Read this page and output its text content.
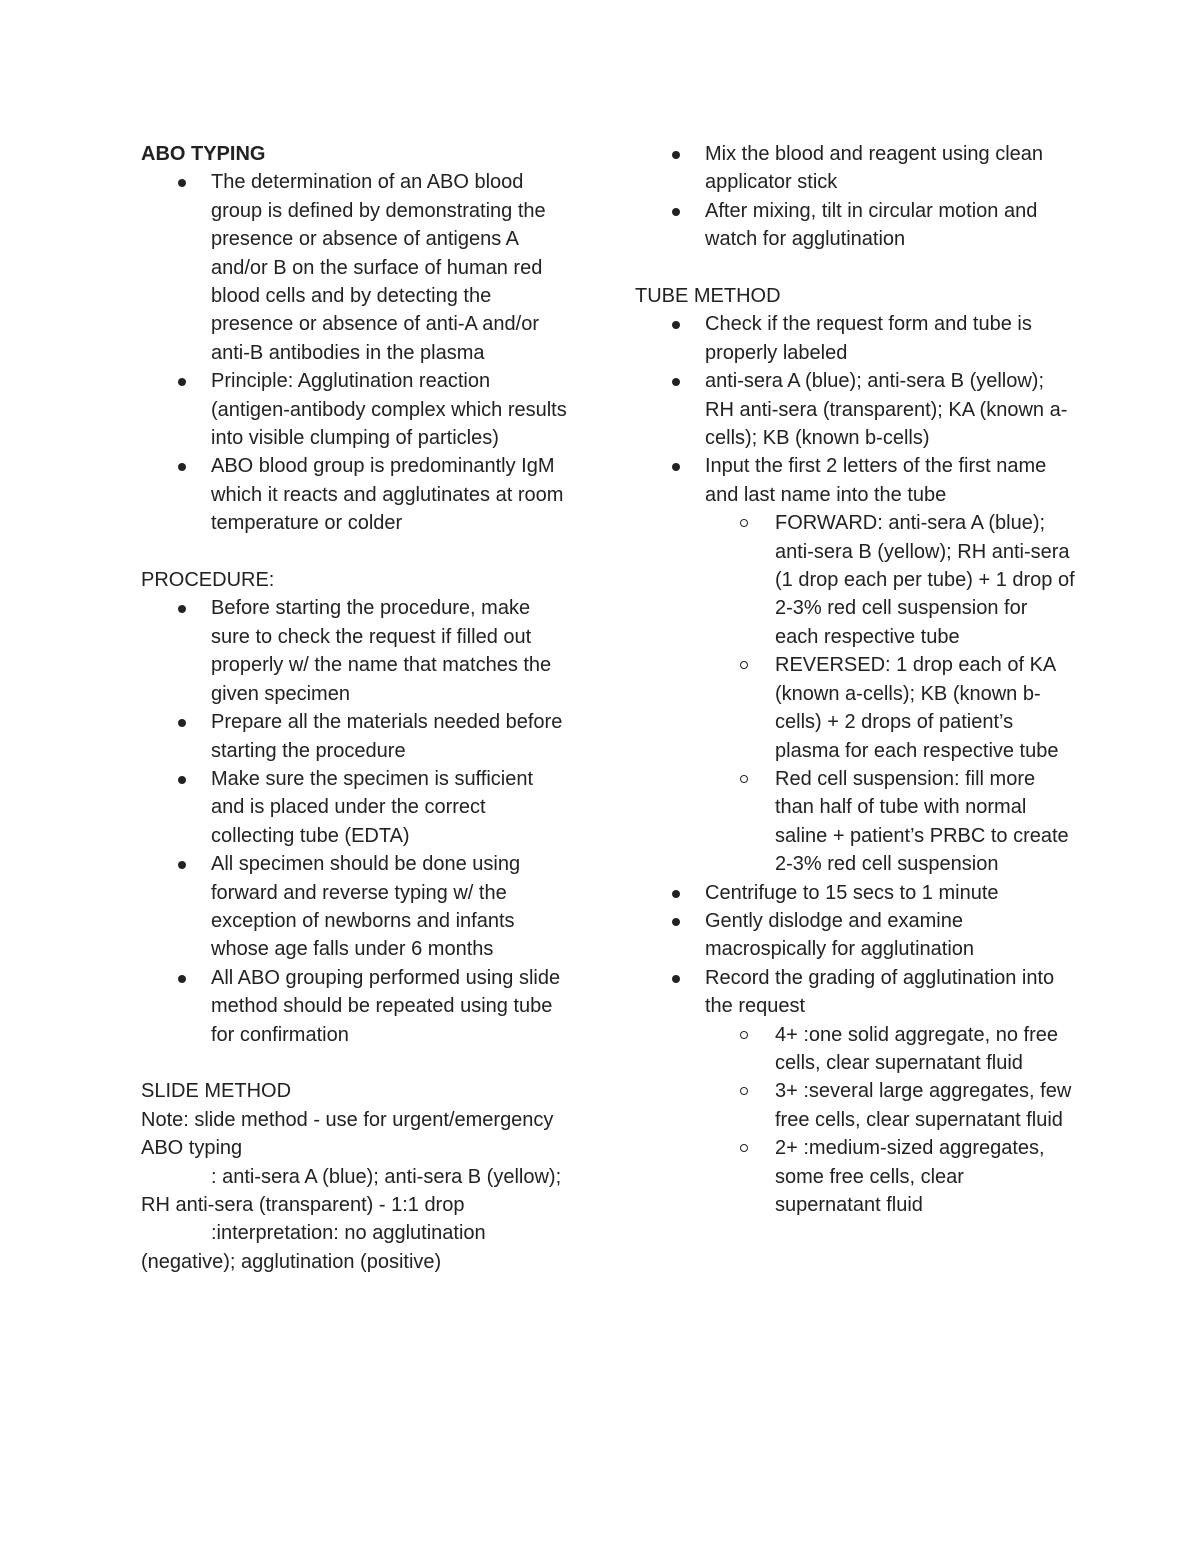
ABO TYPING
The determination of an ABO blood group is defined by demonstrating the presence or absence of antigens A and/or B on the surface of human red blood cells and by detecting the presence or absence of anti-A and/or anti-B antibodies in the plasma
Principle: Agglutination reaction (antigen-antibody complex which results into visible clumping of particles)
ABO blood group is predominantly IgM which it reacts and agglutinates at room temperature or colder
PROCEDURE:
Before starting the procedure, make sure to check the request if filled out properly w/ the name that matches the given specimen
Prepare all the materials needed before starting the procedure
Make sure the specimen is sufficient and is placed under the correct collecting tube (EDTA)
All specimen should be done using forward and reverse typing w/ the exception of newborns and infants whose age falls under 6 months
All ABO grouping performed using slide method should be repeated using tube for confirmation
SLIDE METHOD
Note: slide method - use for urgent/emergency ABO typing
: anti-sera A (blue); anti-sera B (yellow); RH anti-sera (transparent) - 1:1 drop
:interpretation: no agglutination (negative); agglutination (positive)
Mix the blood and reagent using clean applicator stick
After mixing, tilt in circular motion and watch for agglutination
TUBE METHOD
Check if the request form and tube is properly labeled
anti-sera A (blue); anti-sera B (yellow); RH anti-sera (transparent); KA (known a-cells); KB (known b-cells)
Input the first 2 letters of the first name and last name into the tube
FORWARD: anti-sera A (blue); anti-sera B (yellow); RH anti-sera (1 drop each per tube) + 1 drop of 2-3% red cell suspension for each respective tube
REVERSED: 1 drop each of KA (known a-cells); KB (known b-cells) + 2 drops of patient’s plasma for each respective tube
Red cell suspension: fill more than half of tube with normal saline + patient’s PRBC to create 2-3% red cell suspension
Centrifuge to 15 secs to 1 minute
Gently dislodge and examine macrospically for agglutination
Record the grading of agglutination into the request
4+ :one solid aggregate, no free cells, clear supernatant fluid
3+ :several large aggregates, few free cells, clear supernatant fluid
2+ :medium-sized aggregates, some free cells, clear supernatant fluid
